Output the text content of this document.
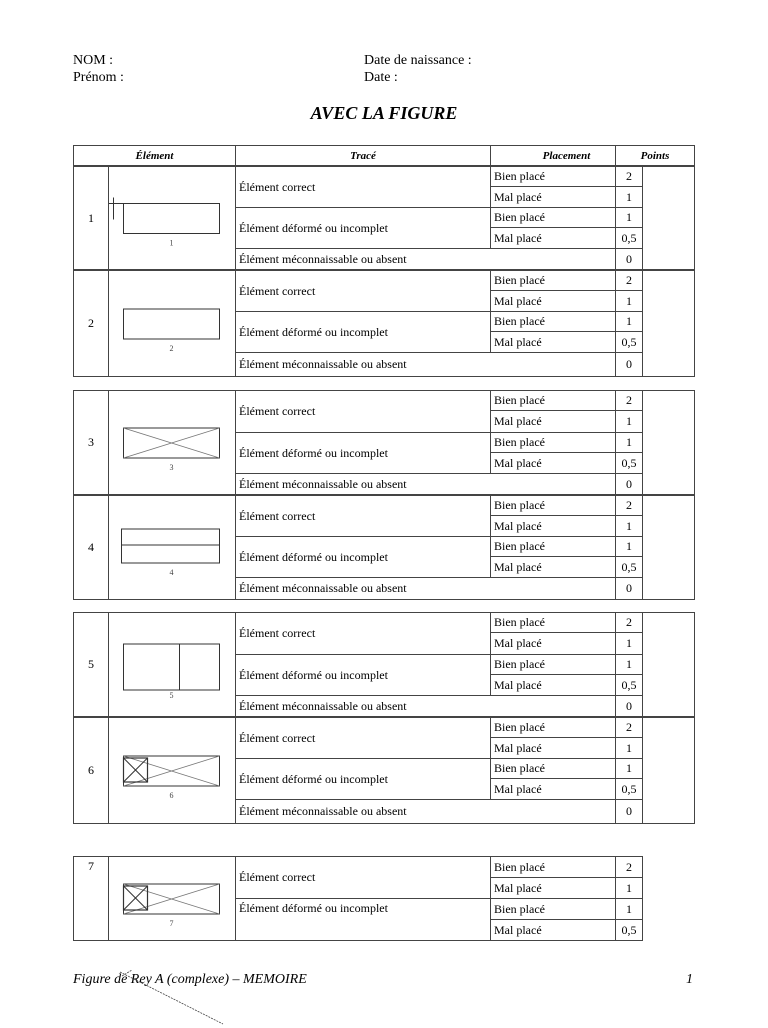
NOM :
Prénom :
Date de naissance :
Date :
AVEC LA FIGURE
Élément	Tracé	Placement	Points
1
1
Élément correct
Bien placé	2
Mal placé	1
Élément déformé ou incomplet
Bien placé	1
Mal placé	0,5
Élément méconnaissable ou absent	0
2
2
Élément correct
Bien placé	2
Mal placé	1
Élément déformé ou incomplet
Bien placé	1
Mal placé	0,5
Élément méconnaissable ou absent	0
3
3
Élément correct
Bien placé	2
Mal placé	1
Élément déformé ou incomplet
Bien placé	1
Mal placé	0,5
Élément méconnaissable ou absent	0
4
4
Élément correct
Bien placé	2
Mal placé	1
Élément déformé ou incomplet
Bien placé	1
Mal placé	0,5
Élément méconnaissable ou absent	0
5
5
Élément correct
Bien placé	2
Mal placé	1
Élément déformé ou incomplet
Bien placé	1
Mal placé	0,5
Élément méconnaissable ou absent	0
6
6
Élément correct
Bien placé	2
Mal placé	1
Élément déformé ou incomplet
Bien placé	1
Mal placé	0,5
Élément méconnaissable ou absent	0
7
7
Élément correct
Bien placé	2
Mal placé	1
Élément déformé ou incomplet	Bien placé	1
Mal placé	0,5
Figure de Rey A (complexe) – MEMOIRE	1
